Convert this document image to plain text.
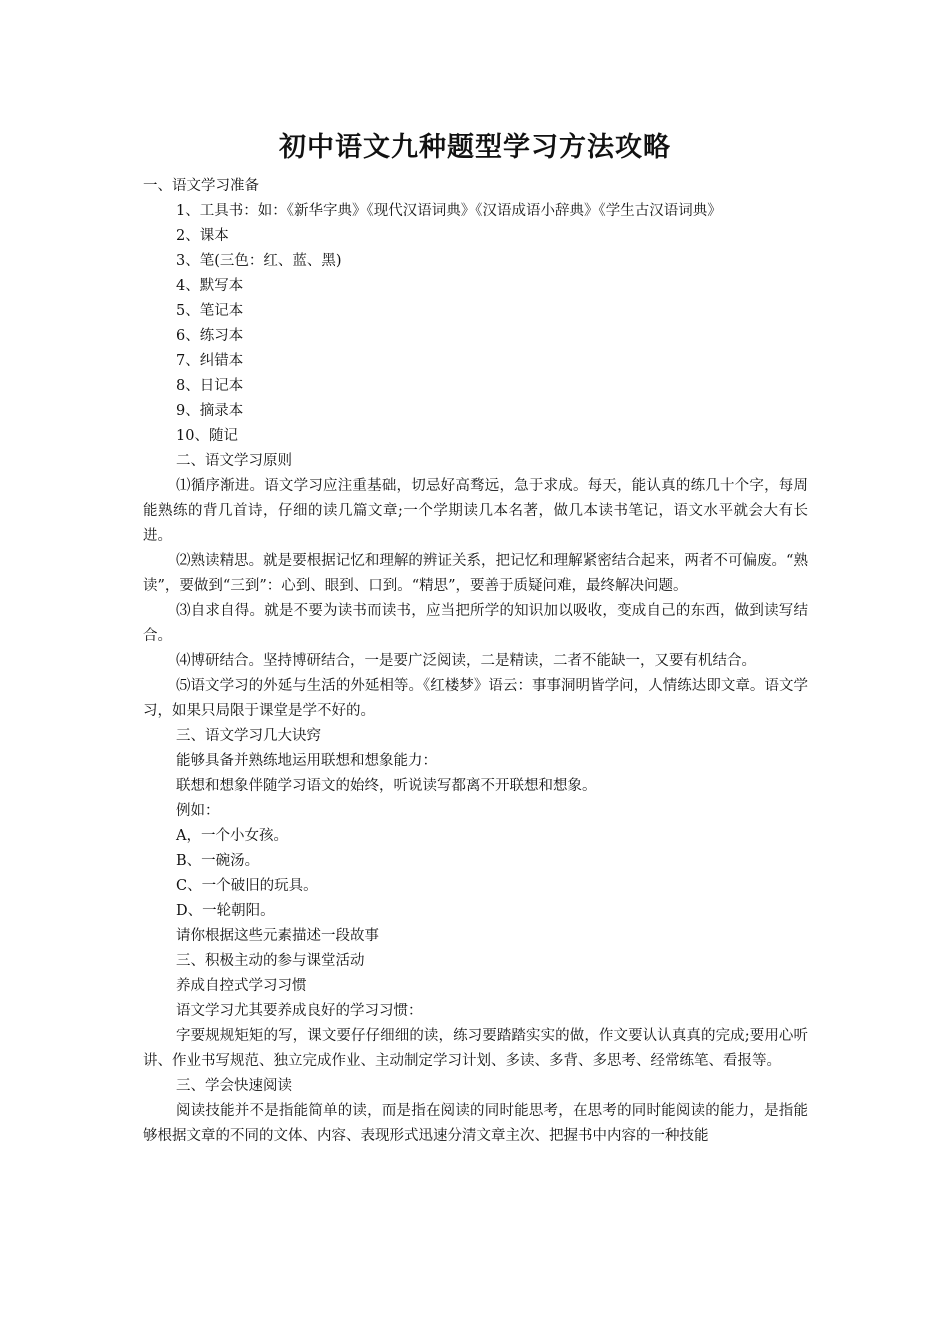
初中语文九种题型学习方法攻略

一、语文学习准备

1、工具书：如：《新华字典》《现代汉语词典》《汉语成语小辞典》《学生古汉语词典》

2、课本

3、笔(三色：红、蓝、黑)

4、默写本

5、笔记本

6、练习本

7、纠错本

8、日记本

9、摘录本

10、随记

二、语文学习原则

⑴循序渐进。语文学习应注重基础，切忌好高骛远，急于求成。每天，能认真的练几十个字，每周能熟练的背几首诗，仔细的读几篇文章;一个学期读几本名著，做几本读书笔记，语文水平就会大有长进。

⑵熟读精思。就是要根据记忆和理解的辨证关系，把记忆和理解紧密结合起来，两者不可偏废。“熟读”，要做到“三到”：心到、眼到、口到。“精思”，要善于质疑问难，最终解决问题。

⑶自求自得。就是不要为读书而读书，应当把所学的知识加以吸收，变成自己的东西，做到读写结合。

⑷博研结合。坚持博研结合，一是要广泛阅读，二是精读，二者不能缺一，又要有机结合。

⑸语文学习的外延与生活的外延相等。《红楼梦》语云：事事洞明皆学问，人情练达即文章。语文学习，如果只局限于课堂是学不好的。

三、语文学习几大诀窍

能够具备并熟练地运用联想和想象能力：

联想和想象伴随学习语文的始终，听说读写都离不开联想和想象。

例如：

A，一个小女孩。

B、一碗汤。

C、一个破旧的玩具。

D、一轮朝阳。

请你根据这些元素描述一段故事

三、积极主动的参与课堂活动

养成自控式学习习惯

语文学习尤其要养成良好的学习习惯：

字要规规矩矩的写，课文要仔仔细细的读，练习要踏踏实实的做，作文要认认真真的完成;要用心听讲、作业书写规范、独立完成作业、主动制定学习计划、多读、多背、多思考、经常练笔、看报等。

三、学会快速阅读

阅读技能并不是指能简单的读，而是指在阅读的同时能思考，在思考的同时能阅读的能力，是指能够根据文章的不同的文体、内容、表现形式迅速分清文章主次、把握书中内容的一种技能
